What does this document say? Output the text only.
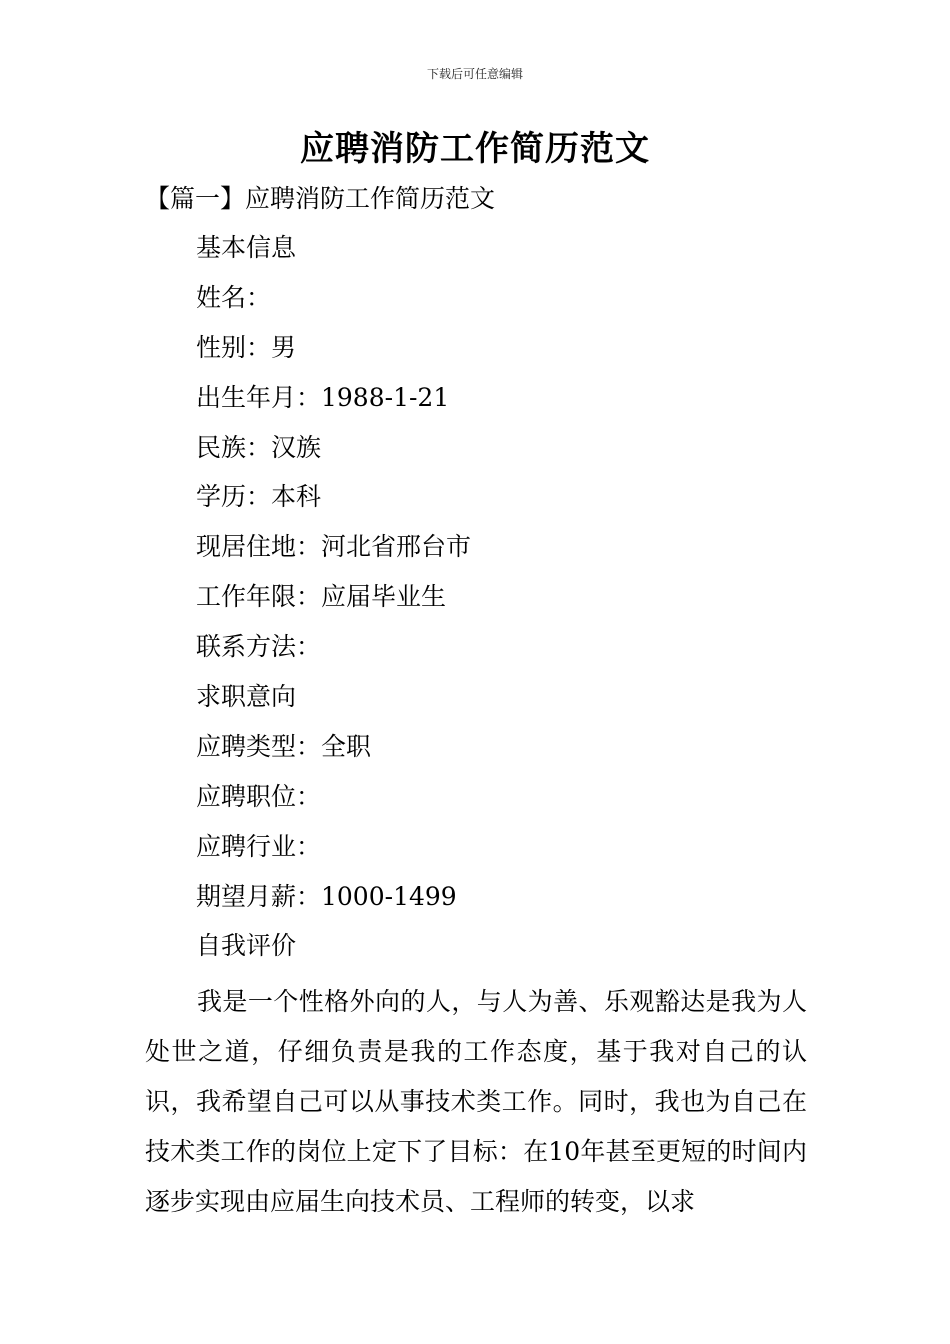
下载后可任意编辑
应聘消防工作简历范文
【篇一】应聘消防工作简历范文
基本信息
姓名：
性别：男
出生年月：1988-1-21
民族：汉族
学历：本科
现居住地：河北省邢台市
工作年限：应届毕业生
联系方法：
求职意向
应聘类型：全职
应聘职位：
应聘行业：
期望月薪：1000-1499
自我评价

我是一个性格外向的人，与人为善、乐观豁达是我为人处世之道，仔细负责是我的工作态度，基于我对自己的认识，我希望自己可以从事技术类工作。同时，我也为自己在技术类工作的岗位上定下了目标：在10年甚至更短的时间内逐步实现由应届生向技术员、工程师的转变，以求
